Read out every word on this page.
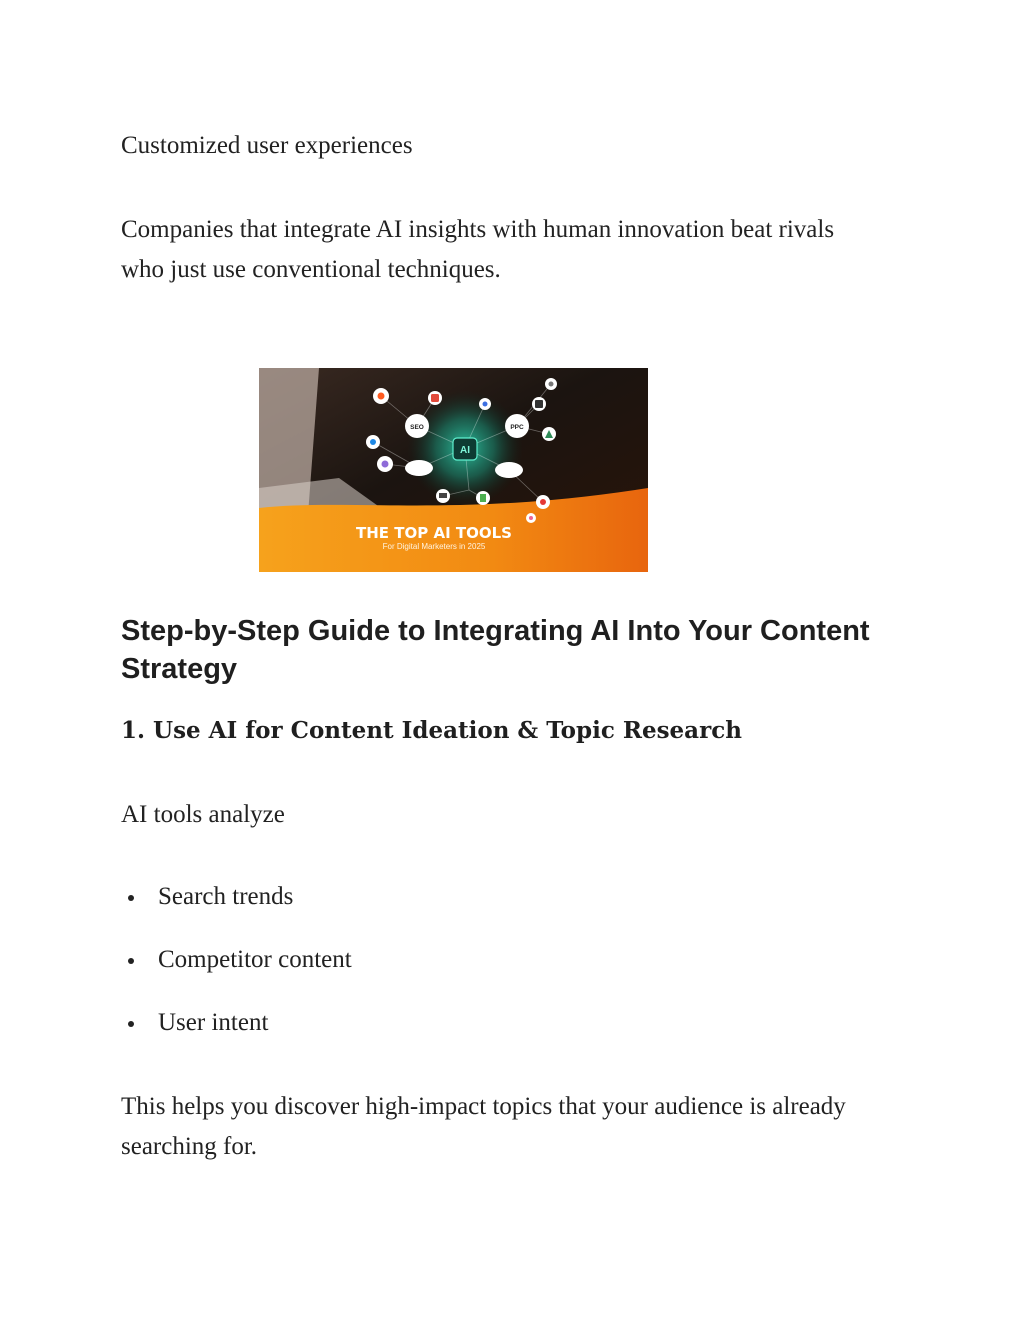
Customized user experiences

Companies that integrate AI insights with human innovation beat rivals who just use conventional techniques.

AI
SEO	PPC
THE TOP AI TOOLS
For Digital Marketers in 2025
Step-by-Step Guide to Integrating AI Into Your Content Strategy
1. Use AI for Content Ideation & Topic Research

AI tools analyze

Search trends
Competitor content
User intent

This helps you discover high-impact topics that your audience is already searching for.
